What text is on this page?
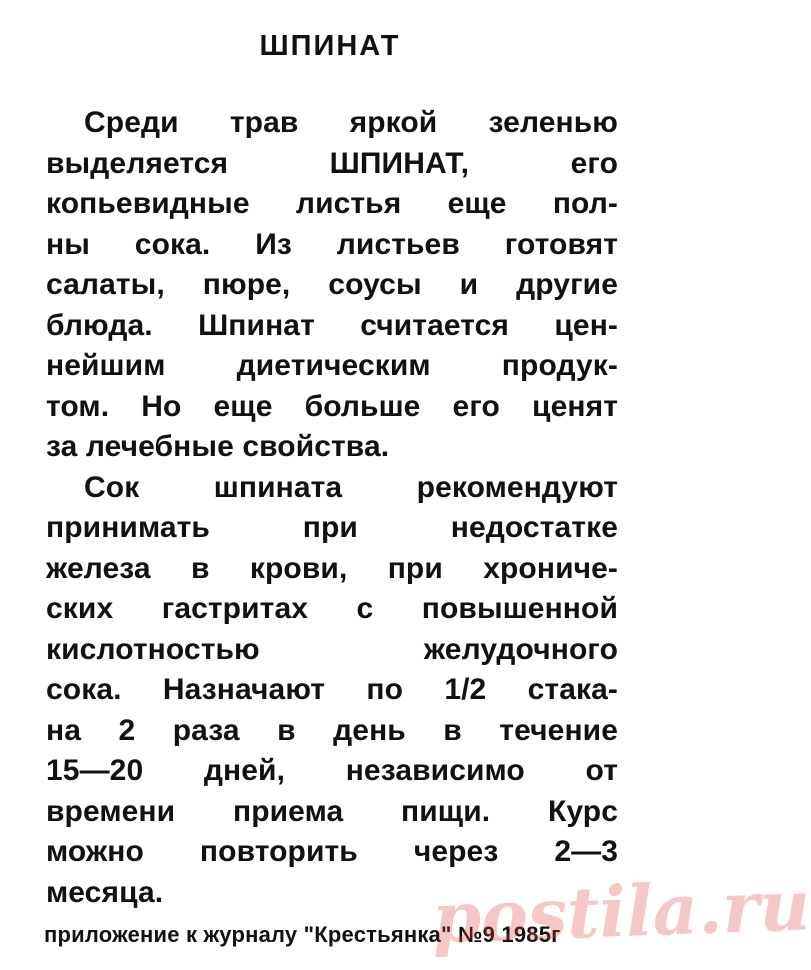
ШПИНАТ
Среди трав яркой зеленью
выделяется ШПИНАТ, его
копьевидные листья еще пол-
ны сока. Из листьев готовят
салаты, пюре, соусы и другие
блюда. Шпинат считается цен-
нейшим диетическим продук-
том. Но еще больше его ценят
за лечебные свойства.
Сок шпината рекомендуют
принимать при недостатке
железа в крови, при хрониче-
ских гастритах с повышенной
кислотностью желудочного
сока. Назначают по 1/2 стака-
на 2 раза в день в течение
15—20 дней, независимо от
времени приема пищи. Курс
можно повторить через 2—3
месяца.
приложение к журналу "Крестьянка" №9 1985г
postila.ru
